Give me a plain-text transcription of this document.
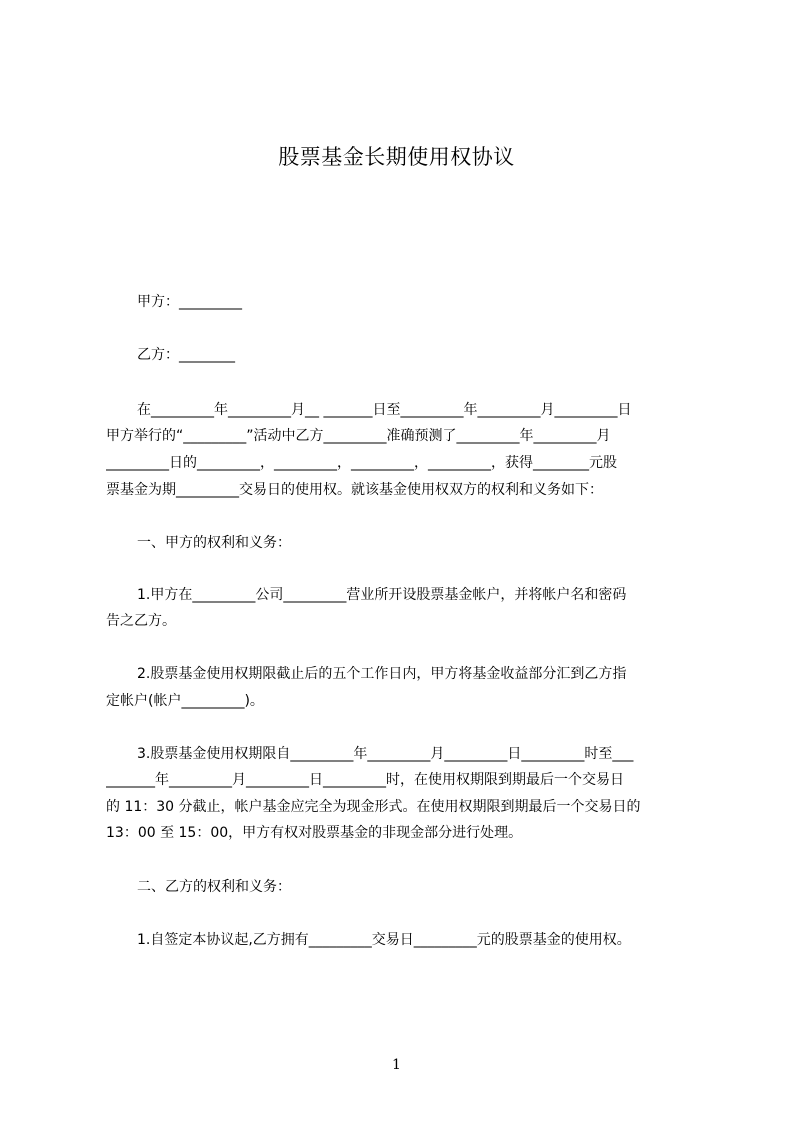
股票基金长期使用权协议
甲方：_________
乙方：________
在_________年_________月__ _______日至_________年_________月_________日
甲方举行的“_________”活动中乙方_________准确预测了_________年_________月
_________日的_________，_________，_________，_________，获得________元股
票基金为期_________交易日的使用权。就该基金使用权双方的权利和义务如下：
一、甲方的权利和义务：
1.甲方在_________公司_________营业所开设股票基金帐户，并将帐户名和密码
告之乙方。
2.股票基金使用权期限截止后的五个工作日内，甲方将基金收益部分汇到乙方指
定帐户(帐户_________)。
3.股票基金使用权期限自_________年_________月_________日_________时至___
_______年_________月_________日_________时，在使用权期限到期最后一个交易日
的 11：30 分截止，帐户基金应完全为现金形式。在使用权期限到期最后一个交易日的
13：00 至 15：00，甲方有权对股票基金的非现金部分进行处理。
二、乙方的权利和义务：
1.自签定本协议起,乙方拥有_________交易日_________元的股票基金的使用权。
1
